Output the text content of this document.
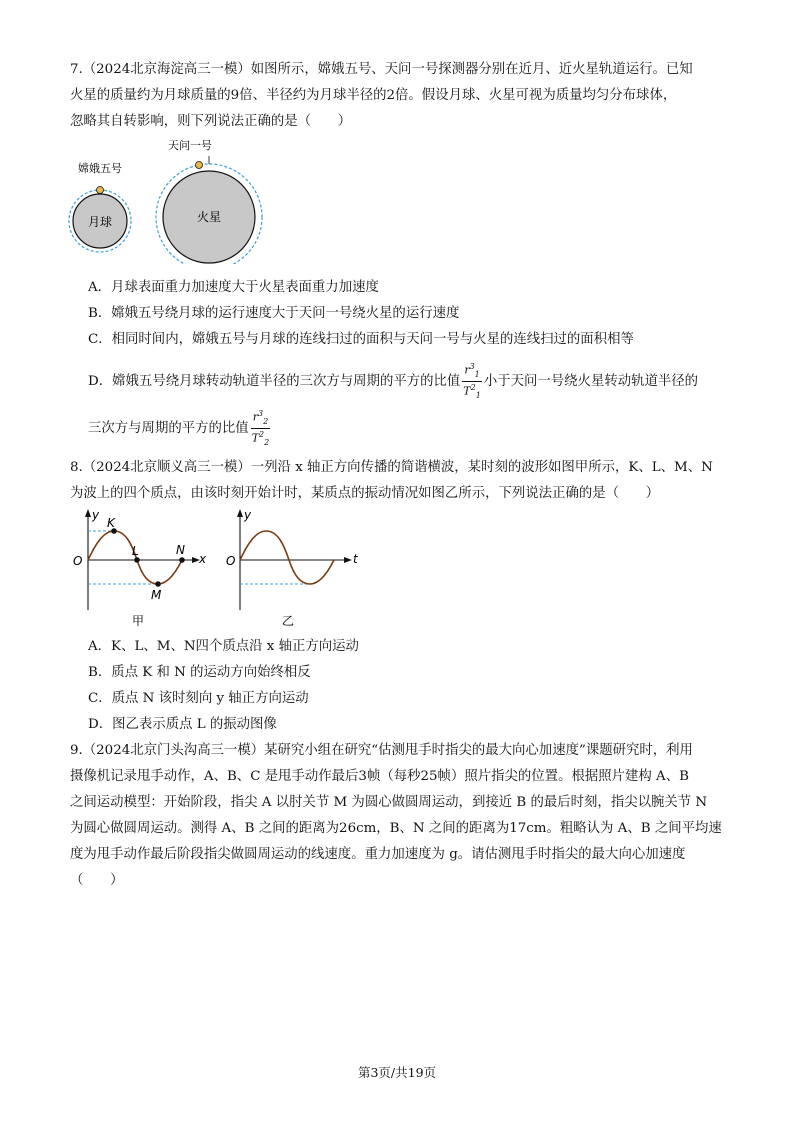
7.（2024北京海淀高三一模）如图所示，嫦娥五号、天问一号探测器分别在近月、近火星轨道运行。已知
火星的质量约为月球质量的9倍、半径约为月球半径的2倍。假设月球、火星可视为质量均匀分布球体，
忽略其自转影响，则下列说法正确的是（　　）
月球
嫦娥五号
火星
天问一号
A．月球表面重力加速度大于火星表面重力加速度
B．嫦娥五号绕月球的运行速度大于天问一号绕火星的运行速度
C．相同时间内，嫦娥五号与月球的连线扫过的面积与天问一号与火星的连线扫过的面积相等
D．嫦娥五号绕月球转动轨道半径的三次方与周期的平方的比值 $\frac{r^3_1}{T^2_1}$ 小于天问一号绕火星转动轨道半径的
三次方与周期的平方的比值 $\frac{r^3_2}{T^2_2}$
8.（2024北京顺义高三一模）一列沿 x 轴正方向传播的简谐横波，某时刻的波形如图甲所示，K、L、M、N
为波上的四个质点，由该时刻开始计时，某质点的振动情况如图乙所示，下列说法正确的是（　　）
y
x
O
K
L
M
N
甲
y
t
O
乙
A．K、L、M、N四个质点沿 x 轴正方向运动
B．质点 K 和 N 的运动方向始终相反
C．质点 N 该时刻向 y 轴正方向运动
D．图乙表示质点 L 的振动图像
9.（2024北京门头沟高三一模）某研究小组在研究“估测甩手时指尖的最大向心加速度”课题研究时，利用
摄像机记录甩手动作，A、B、C 是甩手动作最后3帧（每秒25帧）照片指尖的位置。根据照片建构 A、B
之间运动模型：开始阶段，指尖 A 以肘关节 M 为圆心做圆周运动，到接近 B 的最后时刻，指尖以腕关节 N
为圆心做圆周运动。测得 A、B 之间的距离为26cm，B、N 之间的距离为17cm。粗略认为 A、B 之间平均速
度为甩手动作最后阶段指尖做圆周运动的线速度。重力加速度为 g。请估测甩手时指尖的最大向心加速度
（　　）
第3页/共19页
